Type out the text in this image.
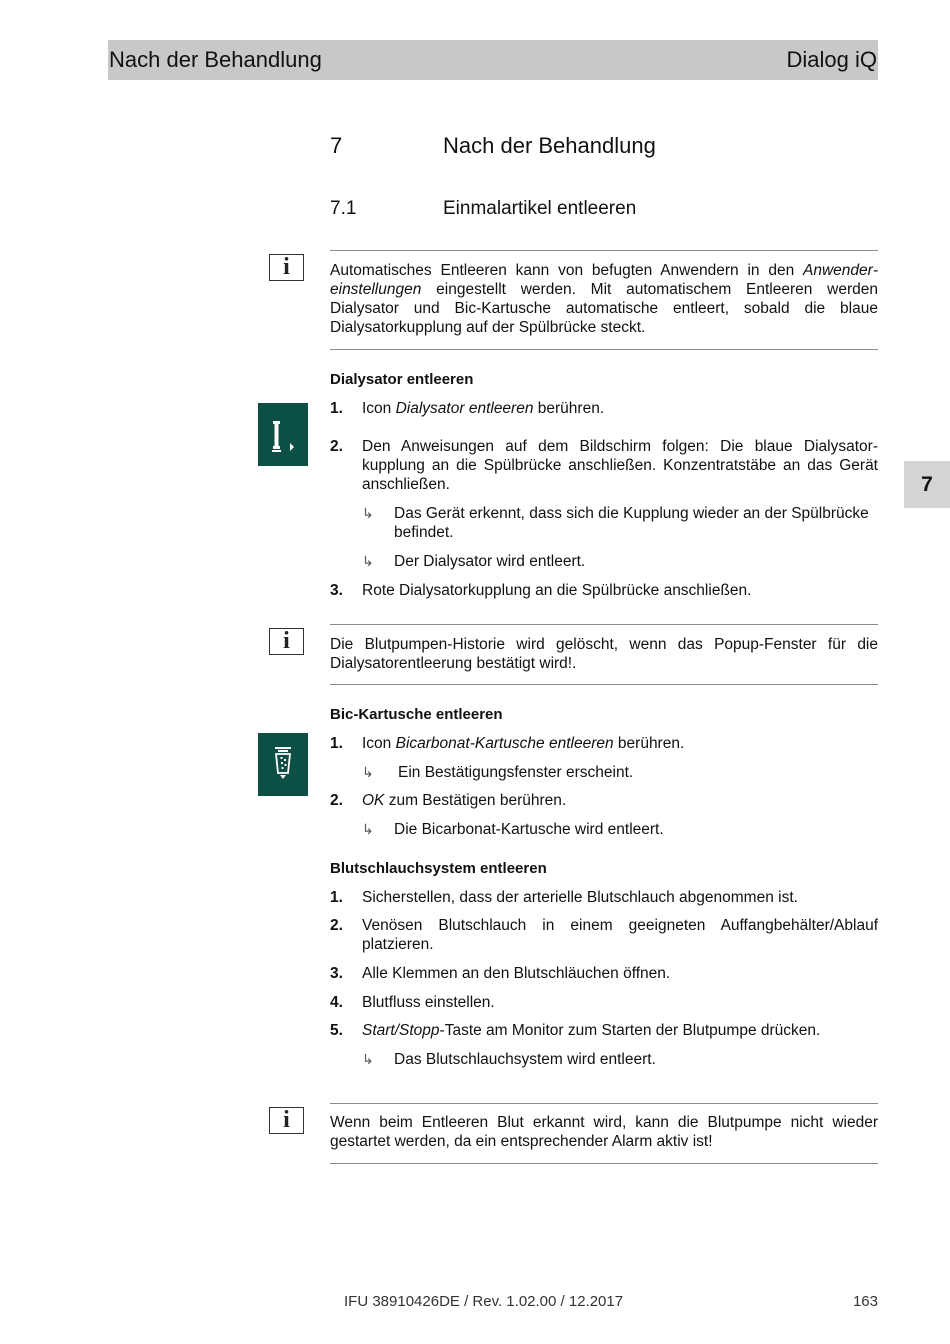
Nach der Behandlung	Dialog iQ
7
7	Nach der Behandlung
7.1	Einmalartikel entleeren
i	Automatisches Entleeren kann von befugten Anwendern in den Anwendereinstellungen eingestellt werden. Mit automatischem Entleeren werden Dialysator und Bic-Kartusche automatische entleert, sobald die blaue Dialysatorkupplung auf der Spülbrücke steckt.
Dialysator entleeren
1. Icon Dialysator entleeren berühren.
2. Den Anweisungen auf dem Bildschirm folgen: Die blaue Dialysatorkupplung an die Spülbrücke anschließen. Konzentratstäbe an das Gerät anschließen.
↳ Das Gerät erkennt, dass sich die Kupplung wieder an der Spülbrücke befindet.
↳ Der Dialysator wird entleert.
3. Rote Dialysatorkupplung an die Spülbrücke anschließen.
i	Die Blutpumpen-Historie wird gelöscht, wenn das Popup-Fenster für die Dialysatorentleerung bestätigt wird!.
Bic-Kartusche entleeren
1. Icon Bicarbonat-Kartusche entleeren berühren.
↳ Ein Bestätigungsfenster erscheint.
2. OK zum Bestätigen berühren.
↳ Die Bicarbonat-Kartusche wird entleert.
Blutschlauchsystem entleeren
1. Sicherstellen, dass der arterielle Blutschlauch abgenommen ist.
2. Venösen Blutschlauch in einem geeigneten Auffangbehälter/Ablauf platzieren.
3. Alle Klemmen an den Blutschläuchen öffnen.
4. Blutfluss einstellen.
5. Start/Stopp-Taste am Monitor zum Starten der Blutpumpe drücken.
↳ Das Blutschlauchsystem wird entleert.
i	Wenn beim Entleeren Blut erkannt wird, kann die Blutpumpe nicht wieder gestartet werden, da ein entsprechender Alarm aktiv ist!
IFU 38910426DE / Rev. 1.02.00 / 12.2017	163
